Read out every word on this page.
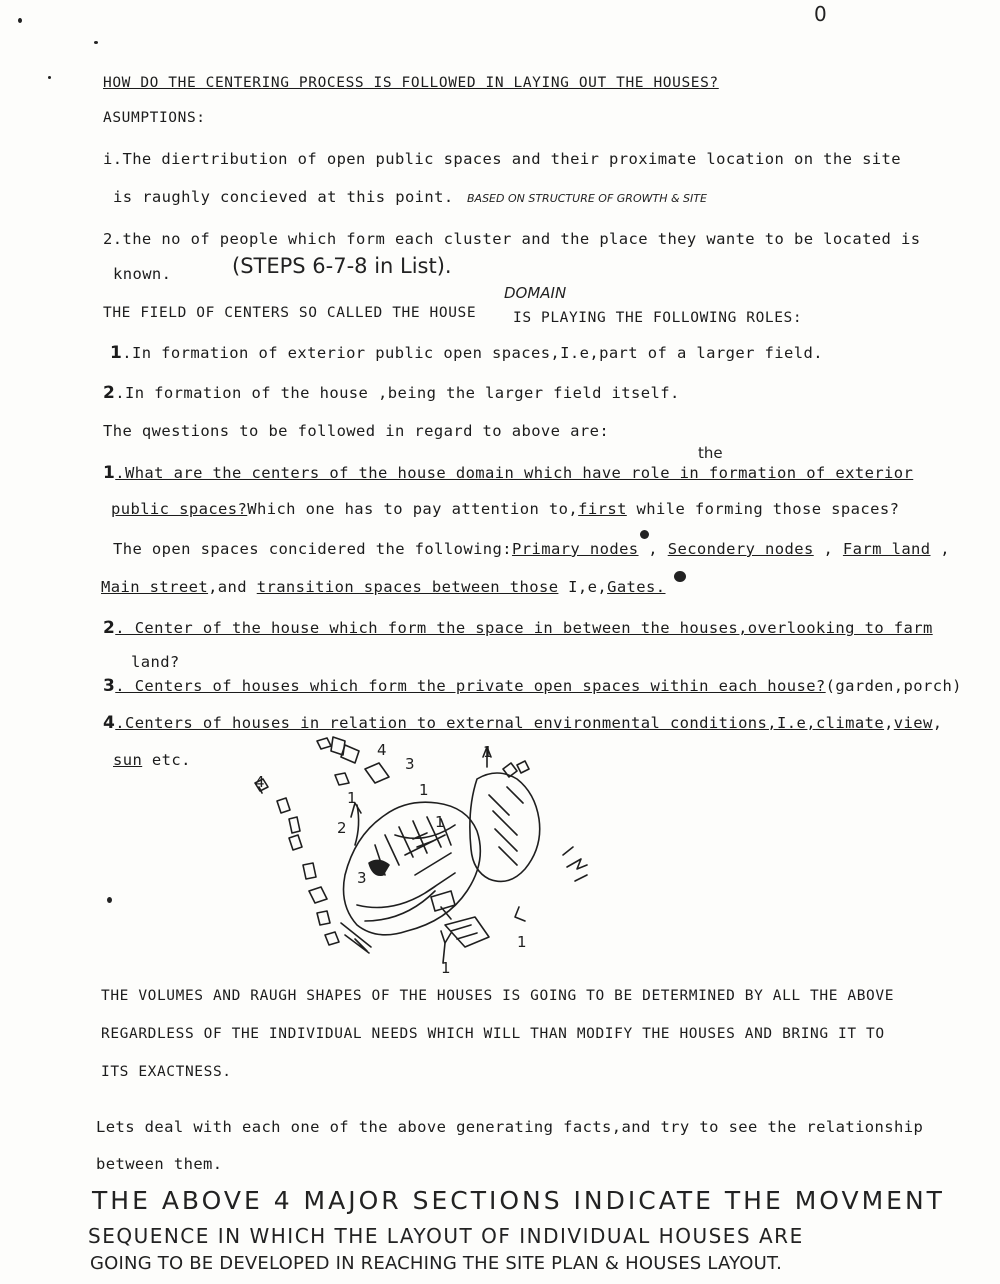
0
HOW DO THE CENTERING PROCESS IS FOLLOWED IN LAYING OUT THE HOUSES?
ASUMPTIONS:
i.The diertribution of open public spaces and their proximate location on the site
is raughly concieved at this point. BASED ON STRUCTURE OF GROWTH & SITE
2.the no of people which form each cluster and the place they wante to be located is
known.	(STEPS 6-7-8 in List).
THE FIELD OF CENTERS SO CALLED THE HOUSE
DOMAIN
IS PLAYING THE FOLLOWING ROLES:
1.In formation of exterior public open spaces,I.e,part of a larger field.
2.In formation of the house ,being the larger field itself.
The qwestions to be followed in regard to above are:
the
1.What are the centers of the house domain which have role in formation of exterior
public spaces?Which one has to pay attention to,first while forming those spaces?
The open spaces concidered the following:Primary nodes , Secondery nodes , Farm land ,
Main street,and transition spaces between those I,e,Gates.
2. Center of the house which form the space in between the houses,overlooking to farm
land?
3. Centers of houses which form the private open spaces within each house?(garden,porch)
4.Centers of houses in relation to external environmental conditions,I.e,climate,view,
sun etc.
4
3
1
2	1
1
3
1
1
1
4
THE VOLUMES AND RAUGH SHAPES OF THE HOUSES IS GOING TO BE DETERMINED BY ALL THE ABOVE
REGARDLESS OF THE INDIVIDUAL NEEDS WHICH WILL THAN MODIFY THE HOUSES AND BRING IT TO
ITS EXACTNESS.
Lets deal with each one of the above generating facts,and try to see the relationship
between them.
THE ABOVE 4 MAJOR SECTIONS INDICATE THE MOVMENT
SEQUENCE IN WHICH THE LAYOUT OF INDIVIDUAL HOUSES ARE
GOING TO BE DEVELOPED IN REACHING THE SITE PLAN & HOUSES LAYOUT.
